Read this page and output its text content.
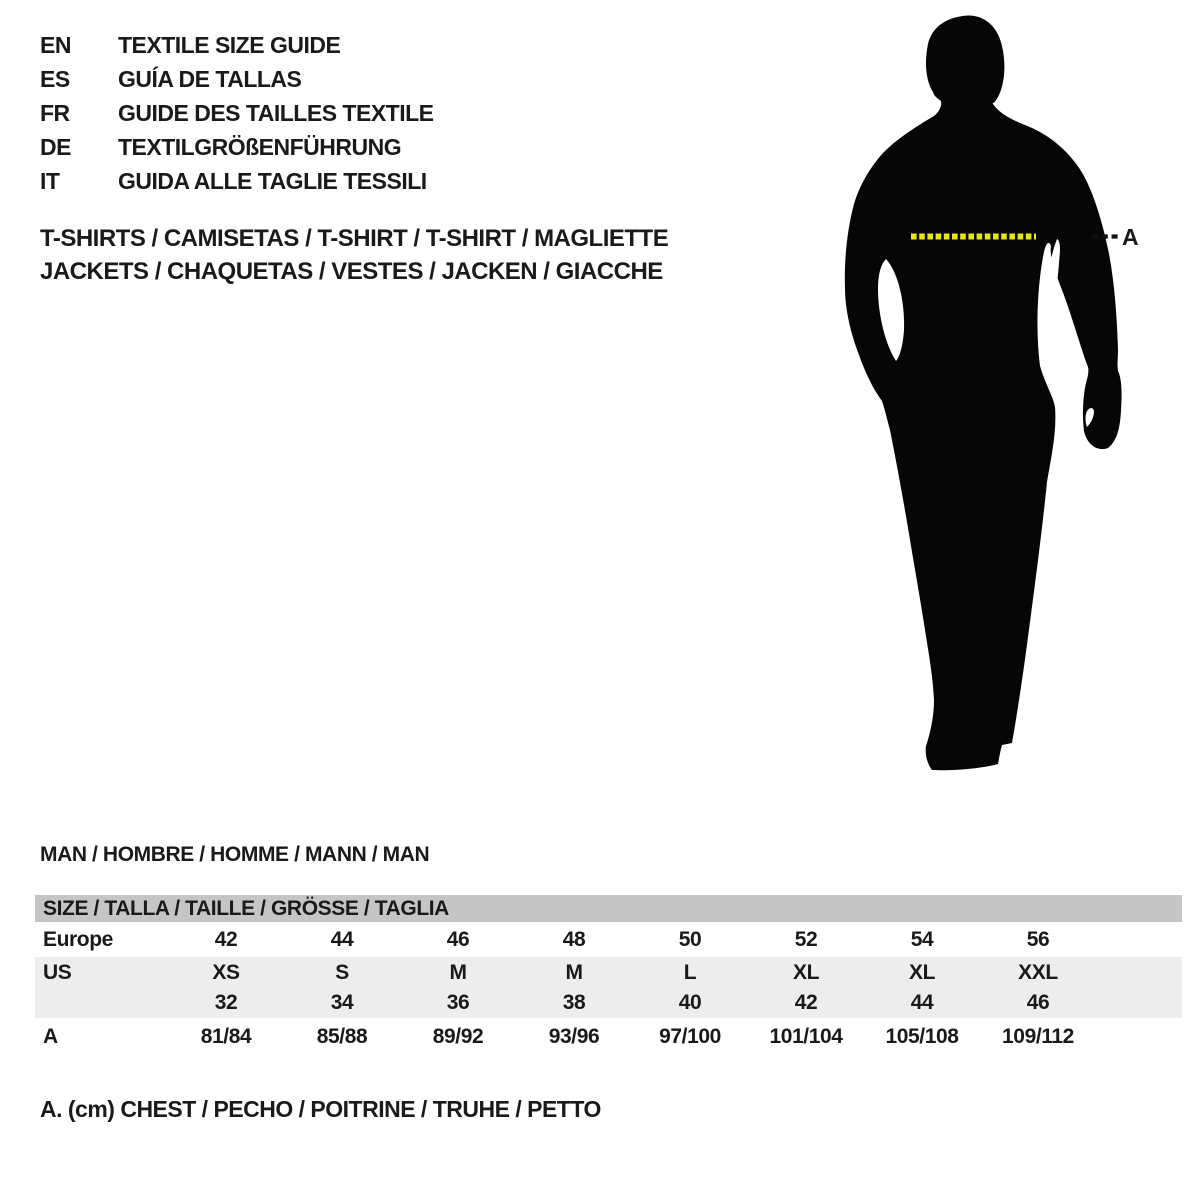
EN	TEXTILE SIZE GUIDE
ES	GUÍA DE TALLAS
FR	GUIDE DES TAILLES TEXTILE
DE	TEXTILGRÖßENFÜHRUNG
IT	GUIDA ALLE TAGLIE TESSILI
T-SHIRTS / CAMISETAS / T-SHIRT / T-SHIRT / MAGLIETTE
JACKETS / CHAQUETAS / VESTES / JACKEN / GIACCHE
A
MAN / HOMBRE / HOMME / MANN / MAN
SIZE / TALLA / TAILLE / GRÖSSE / TAGLIA									
Europe	42	44	46	48	50	52	54	56	
US	XS	S	M	M	L	XL	XL	XXL	
	32	34	36	38	40	42	44	46	
A	81/84	85/88	89/92	93/96	97/100	101/104	105/108	109/112	
A. (cm) CHEST / PECHO / POITRINE / TRUHE / PETTO
